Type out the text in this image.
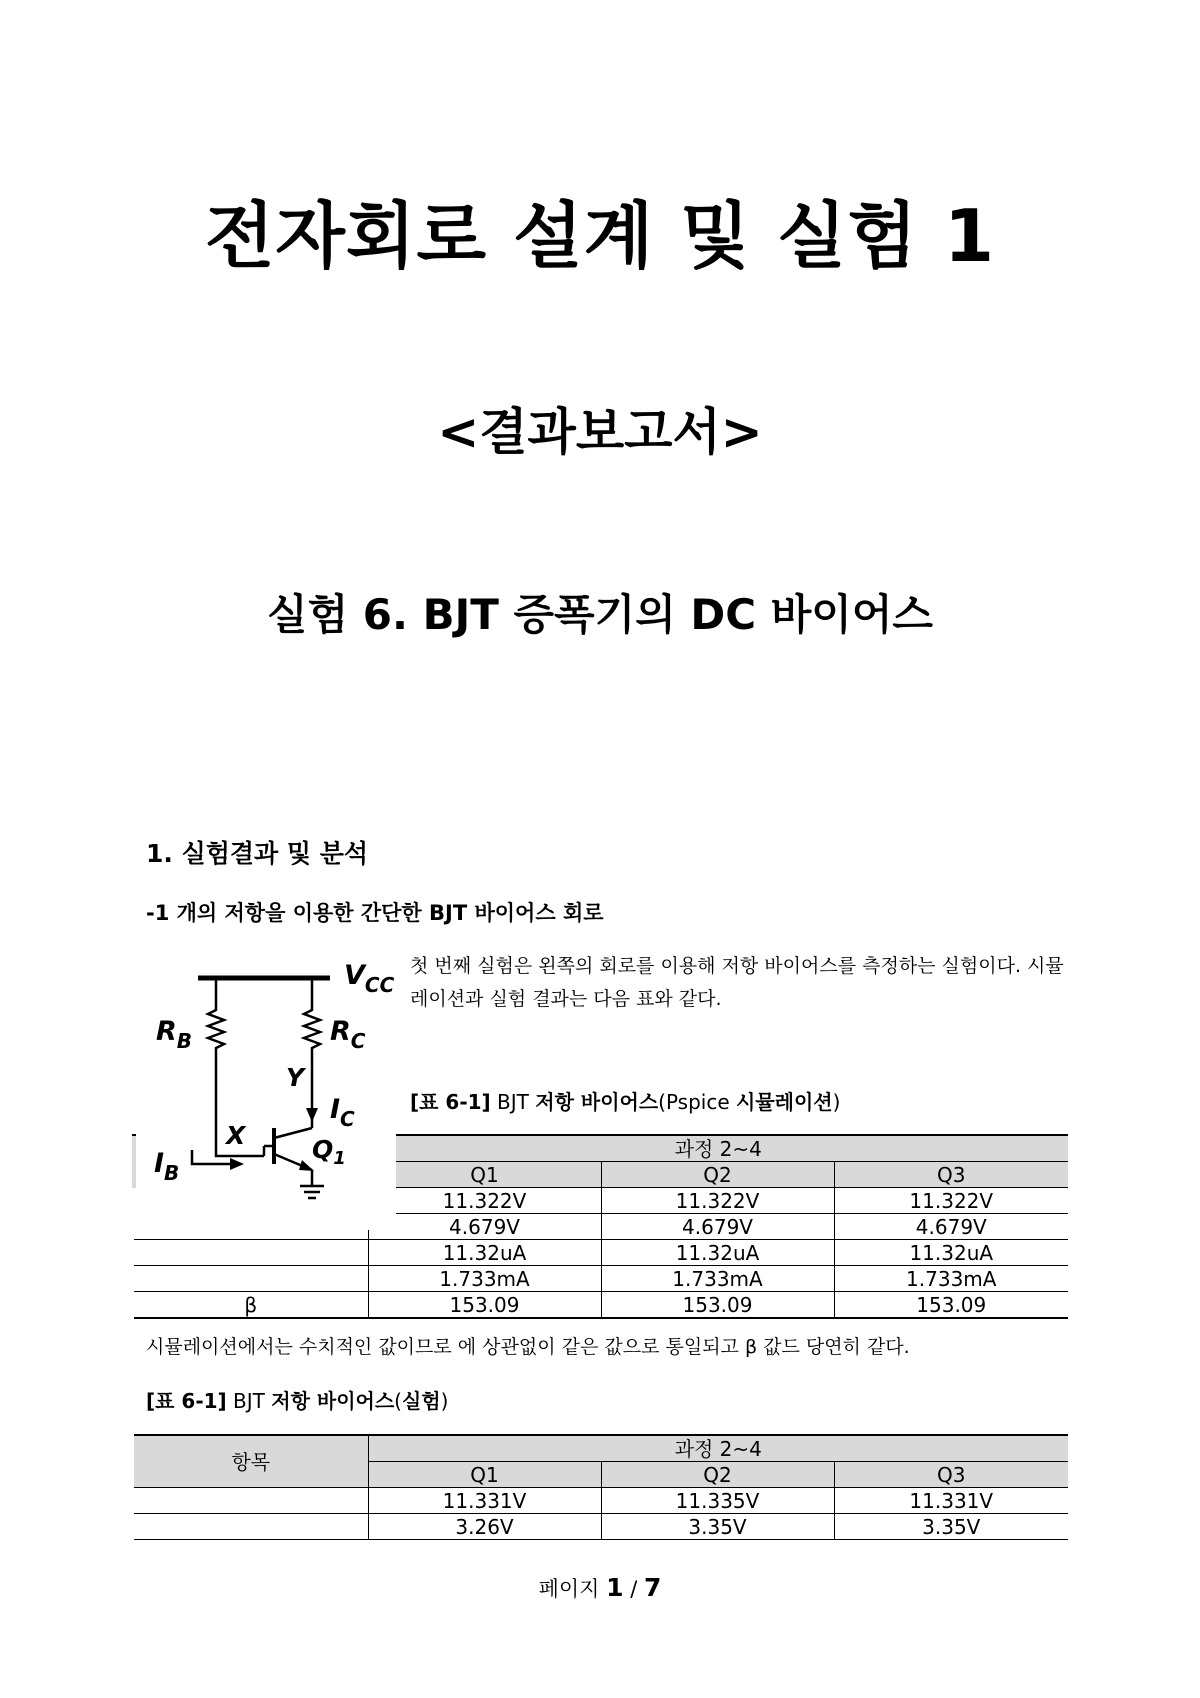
전자회로 설계 및 실험 1
<결과보고서>
실험 6. BJT 증폭기의 DC 바이어스
1. 실험결과 및 분석
-1 개의 저항을 이용한 간단한 BJT 바이어스 회로
첫 번째 실험은 왼쪽의 회로를 이용해 저항 바이어스를 측정하는 실험이다. 시뮬레이션과 실험 결과는 다음 표와 같다.
[표 6-1] BJT 저항 바이어스(Pspice 시뮬레이션)
	과정 2~4		
	Q1	Q2	Q3
	11.322V	11.322V	11.322V
	4.679V	4.679V	4.679V
	11.32uA	11.32uA	11.32uA
	1.733mA	1.733mA	1.733mA
β	153.09	153.09	153.09
$V_{CC}$
$R_B$	$R_C$
Y
$I_C$
X
$I_B$
$Q_1$
시뮬레이션에서는 수치적인 값이므로 에 상관없이 같은 값으로 통일되고 β 값드 당연히 같다.
[표 6-1] BJT 저항 바이어스(실험)
항목	과정 2~4		
	Q1	Q2	Q3
	11.331V	11.335V	11.331V
	3.26V	3.35V	3.35V
페이지 1 / 7
